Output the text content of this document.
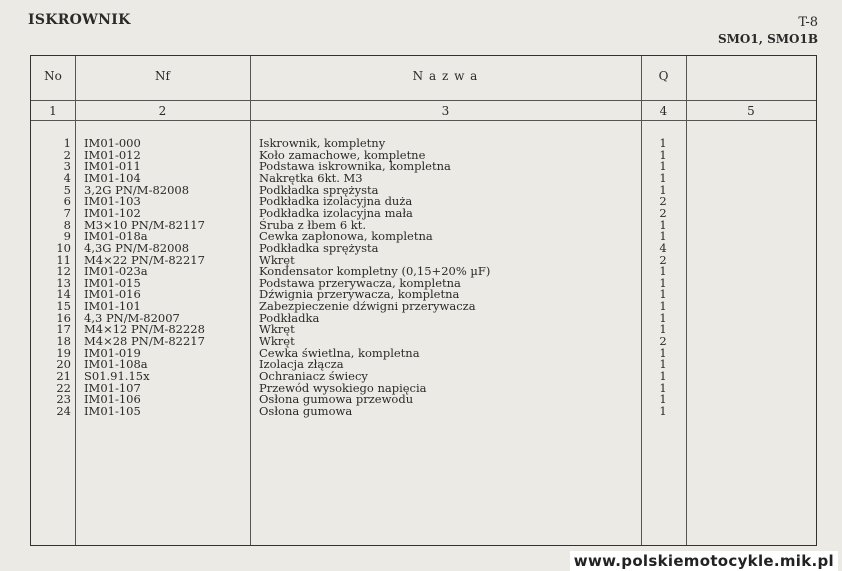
ISKROWNIK	T-8
SMO1, SMO1B
No	Nf	N a z w a	Q
1	2	3	4	5
1 IM01-000	Iskrownik, kompletny	1
2 IM01-012	Koło zamachowe, kompletne	1
3 IM01-011	Podstawa iskrownika, kompletna	1
4 IM01-104	Nakrętka 6kt. M3	1
5 3,2G PN/M-82008	Podkładka sprężysta	1
6 IM01-103	Podkładka izolacyjna duża	2
7 IM01-102	Podkładka izolacyjna mała	2
8 M3×10 PN/M-82117	Śruba z łbem 6 kt.	1
9 IM01-018a	Cewka zapłonowa, kompletna	1
10 4,3G PN/M-82008	Podkładka sprężysta	4
11 M4×22 PN/M-82217	Wkręt	2
12 IM01-023a	Kondensator kompletny (0,15+20% µF)	1
13 IM01-015	Podstawa przerywacza, kompletna	1
14 IM01-016	Dźwignia przerywacza, kompletna	1
15 IM01-101	Zabezpieczenie dźwigni przerywacza	1
16 4,3 PN/M-82007	Podkładka	1
17 M4×12 PN/M-82228	Wkręt	1
18 M4×28 PN/M-82217	Wkręt	2
19 IM01-019	Cewka świetlna, kompletna	1
20 IM01-108a	Izolacja złącza	1
21 S01.91.15x	Ochraniacz świecy	1
22 IM01-107	Przewód wysokiego napięcia	1
23 IM01-106	Osłona gumowa przewodu	1
24 IM01-105	Osłona gumowa	1
www.polskiemotocykle.mik.pl
